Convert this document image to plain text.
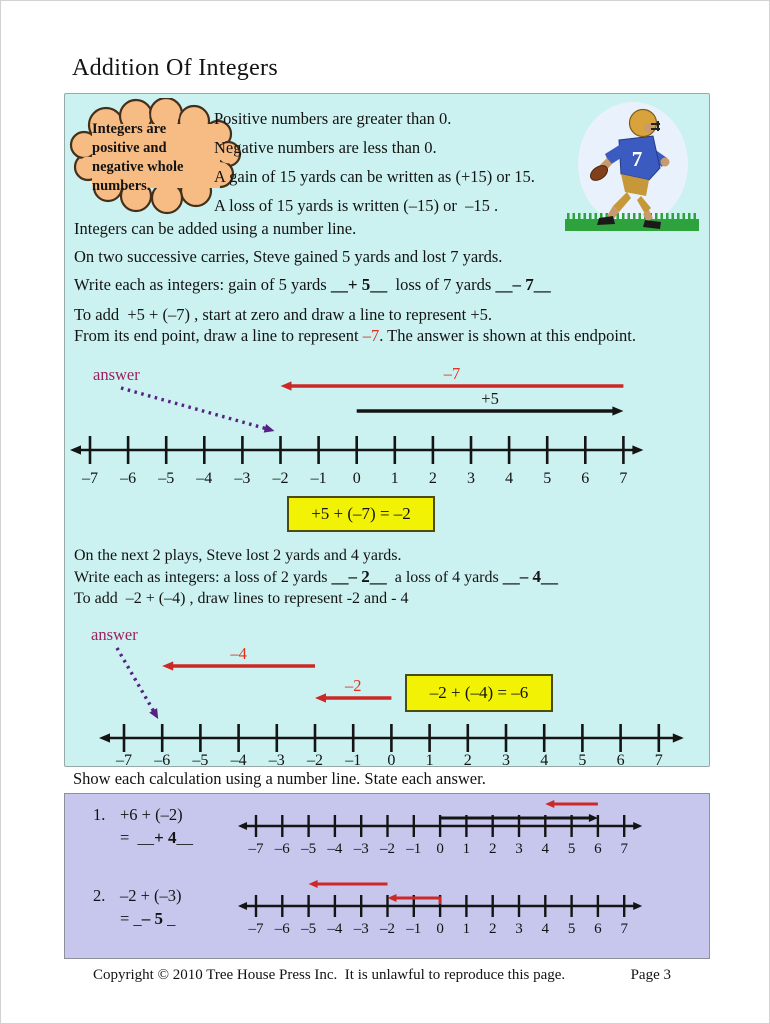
Addition Of Integers
Integers are positive and negative whole numbers.
Positive numbers are greater than 0.
Negative numbers are less than 0.
A gain of 15 yards can be written as (+15) or 15.
A loss of 15 yards is written (–15) or  –15 .
7
Integers can be added using a number line.
On two successive carries, Steve gained 5 yards and lost 7 yards.
Write each as integers: gain of 5 yards __+ 5__  loss of 7 yards __– 7__
To add  +5 + (–7) , start at zero and draw a line to represent +5.
From its end point, draw a line to represent –7. The answer is shown at this endpoint.
–7 –6 –5 –4 –3 –2 –1 0 1 2 3 4 5 6 7
–7
+5
answer
+5 + (–7) = –2
On the next 2 plays, Steve lost 2 yards and 4 yards.
Write each as integers: a loss of 2 yards __– 2__  a loss of 4 yards __– 4__
To add  –2 + (–4) , draw lines to represent -2 and - 4
–7 –6 –5 –4 –3 –2 –1 0 1 2 3 4 5 6 7
–4
–2
answer
–2 + (–4) = –6
Show each calculation using a number line. State each answer.
1. +6 + (–2)
=  __+ 4__
–7 –6 –5 –4 –3 –2 –1 0 1 2 3 4 5 6 7
2. –2 + (–3)
= _– 5 _
–7 –6 –5 –4 –3 –2 –1 0 1 2 3 4 5 6 7
Copyright © 2010 Tree House Press Inc.  It is unlawful to reproduce this page.	Page 3
